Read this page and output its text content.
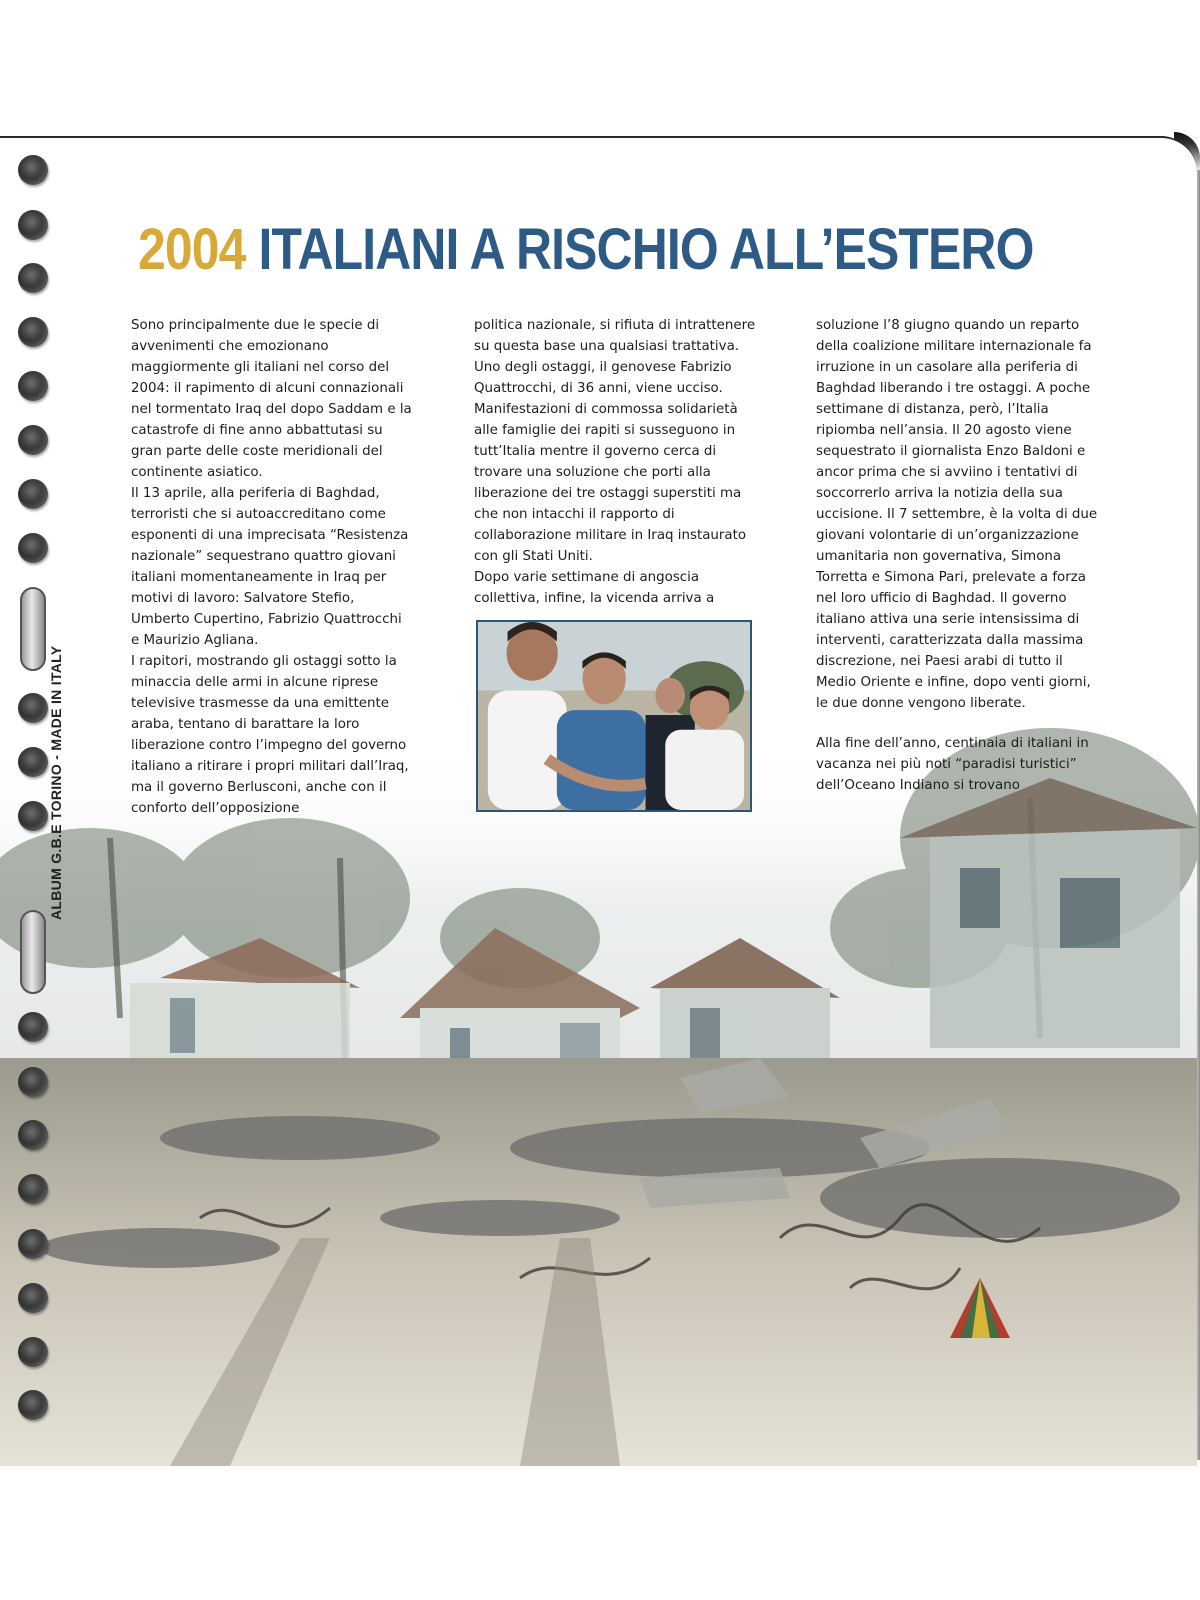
ALBUM G.B.E TORINO - MADE IN ITALY
2004 ITALIANI A RISCHIO ALL’ESTERO

Sono principalmente due le specie di avvenimenti che emozionano maggiormente gli italiani nel corso del 2004: il rapimento di alcuni connazionali nel tormentato Iraq del dopo Saddam e la catastrofe di fine anno abbattutasi su gran parte delle coste meridionali del continente asiatico.

Il 13 aprile, alla periferia di Baghdad, terroristi che si autoaccreditano come esponenti di una imprecisata “Resistenza nazionale” sequestrano quattro giovani italiani momentaneamente in Iraq per motivi di lavoro: Salvatore Stefio, Umberto Cupertino, Fabrizio Quattrocchi e Maurizio Agliana.

I rapitori, mostrando gli ostaggi sotto la minaccia delle armi in alcune riprese televisive trasmesse da una emittente araba, tentano di barattare la loro liberazione contro l’impegno del governo italiano a ritirare i propri militari dall’Iraq, ma il governo Berlusconi, anche con il conforto dell’opposizione

politica nazionale, si rifiuta di intrattenere su questa base una qualsiasi trattativa. Uno degli ostaggi, il genovese Fabrizio Quattrocchi, di 36 anni, viene ucciso. Manifestazioni di commossa solidarietà alle famiglie dei rapiti si susseguono in tutt’Italia mentre il governo cerca di trovare una soluzione che porti alla liberazione dei tre ostaggi superstiti ma che non intacchi il rapporto di collaborazione militare in Iraq instaurato con gli Stati Uniti.

Dopo varie settimane di angoscia collettiva, infine, la vicenda arriva a

soluzione l’8 giugno quando un reparto della coalizione militare internazionale fa irruzione in un casolare alla periferia di Baghdad liberando i tre ostaggi. A poche settimane di distanza, però, l’Italia ripiomba nell’ansia. Il 20 agosto viene sequestrato il giornalista Enzo Baldoni e ancor prima che si avviino i tentativi di soccorrerlo arriva la notizia della sua uccisione. Il 7 settembre, è la volta di due giovani volontarie di un’organizzazione umanitaria non governativa, Simona Torretta e Simona Pari, prelevate a forza nel loro ufficio di Baghdad. Il governo italiano attiva una serie intensissima di interventi, caratterizzata dalla massima discrezione, nei Paesi arabi di tutto il Medio Oriente e infine, dopo venti giorni, le due donne vengono liberate.

Alla fine dell’anno, centinaia di italiani in vacanza nei più noti “paradisi turistici” dell’Oceano Indiano si trovano
